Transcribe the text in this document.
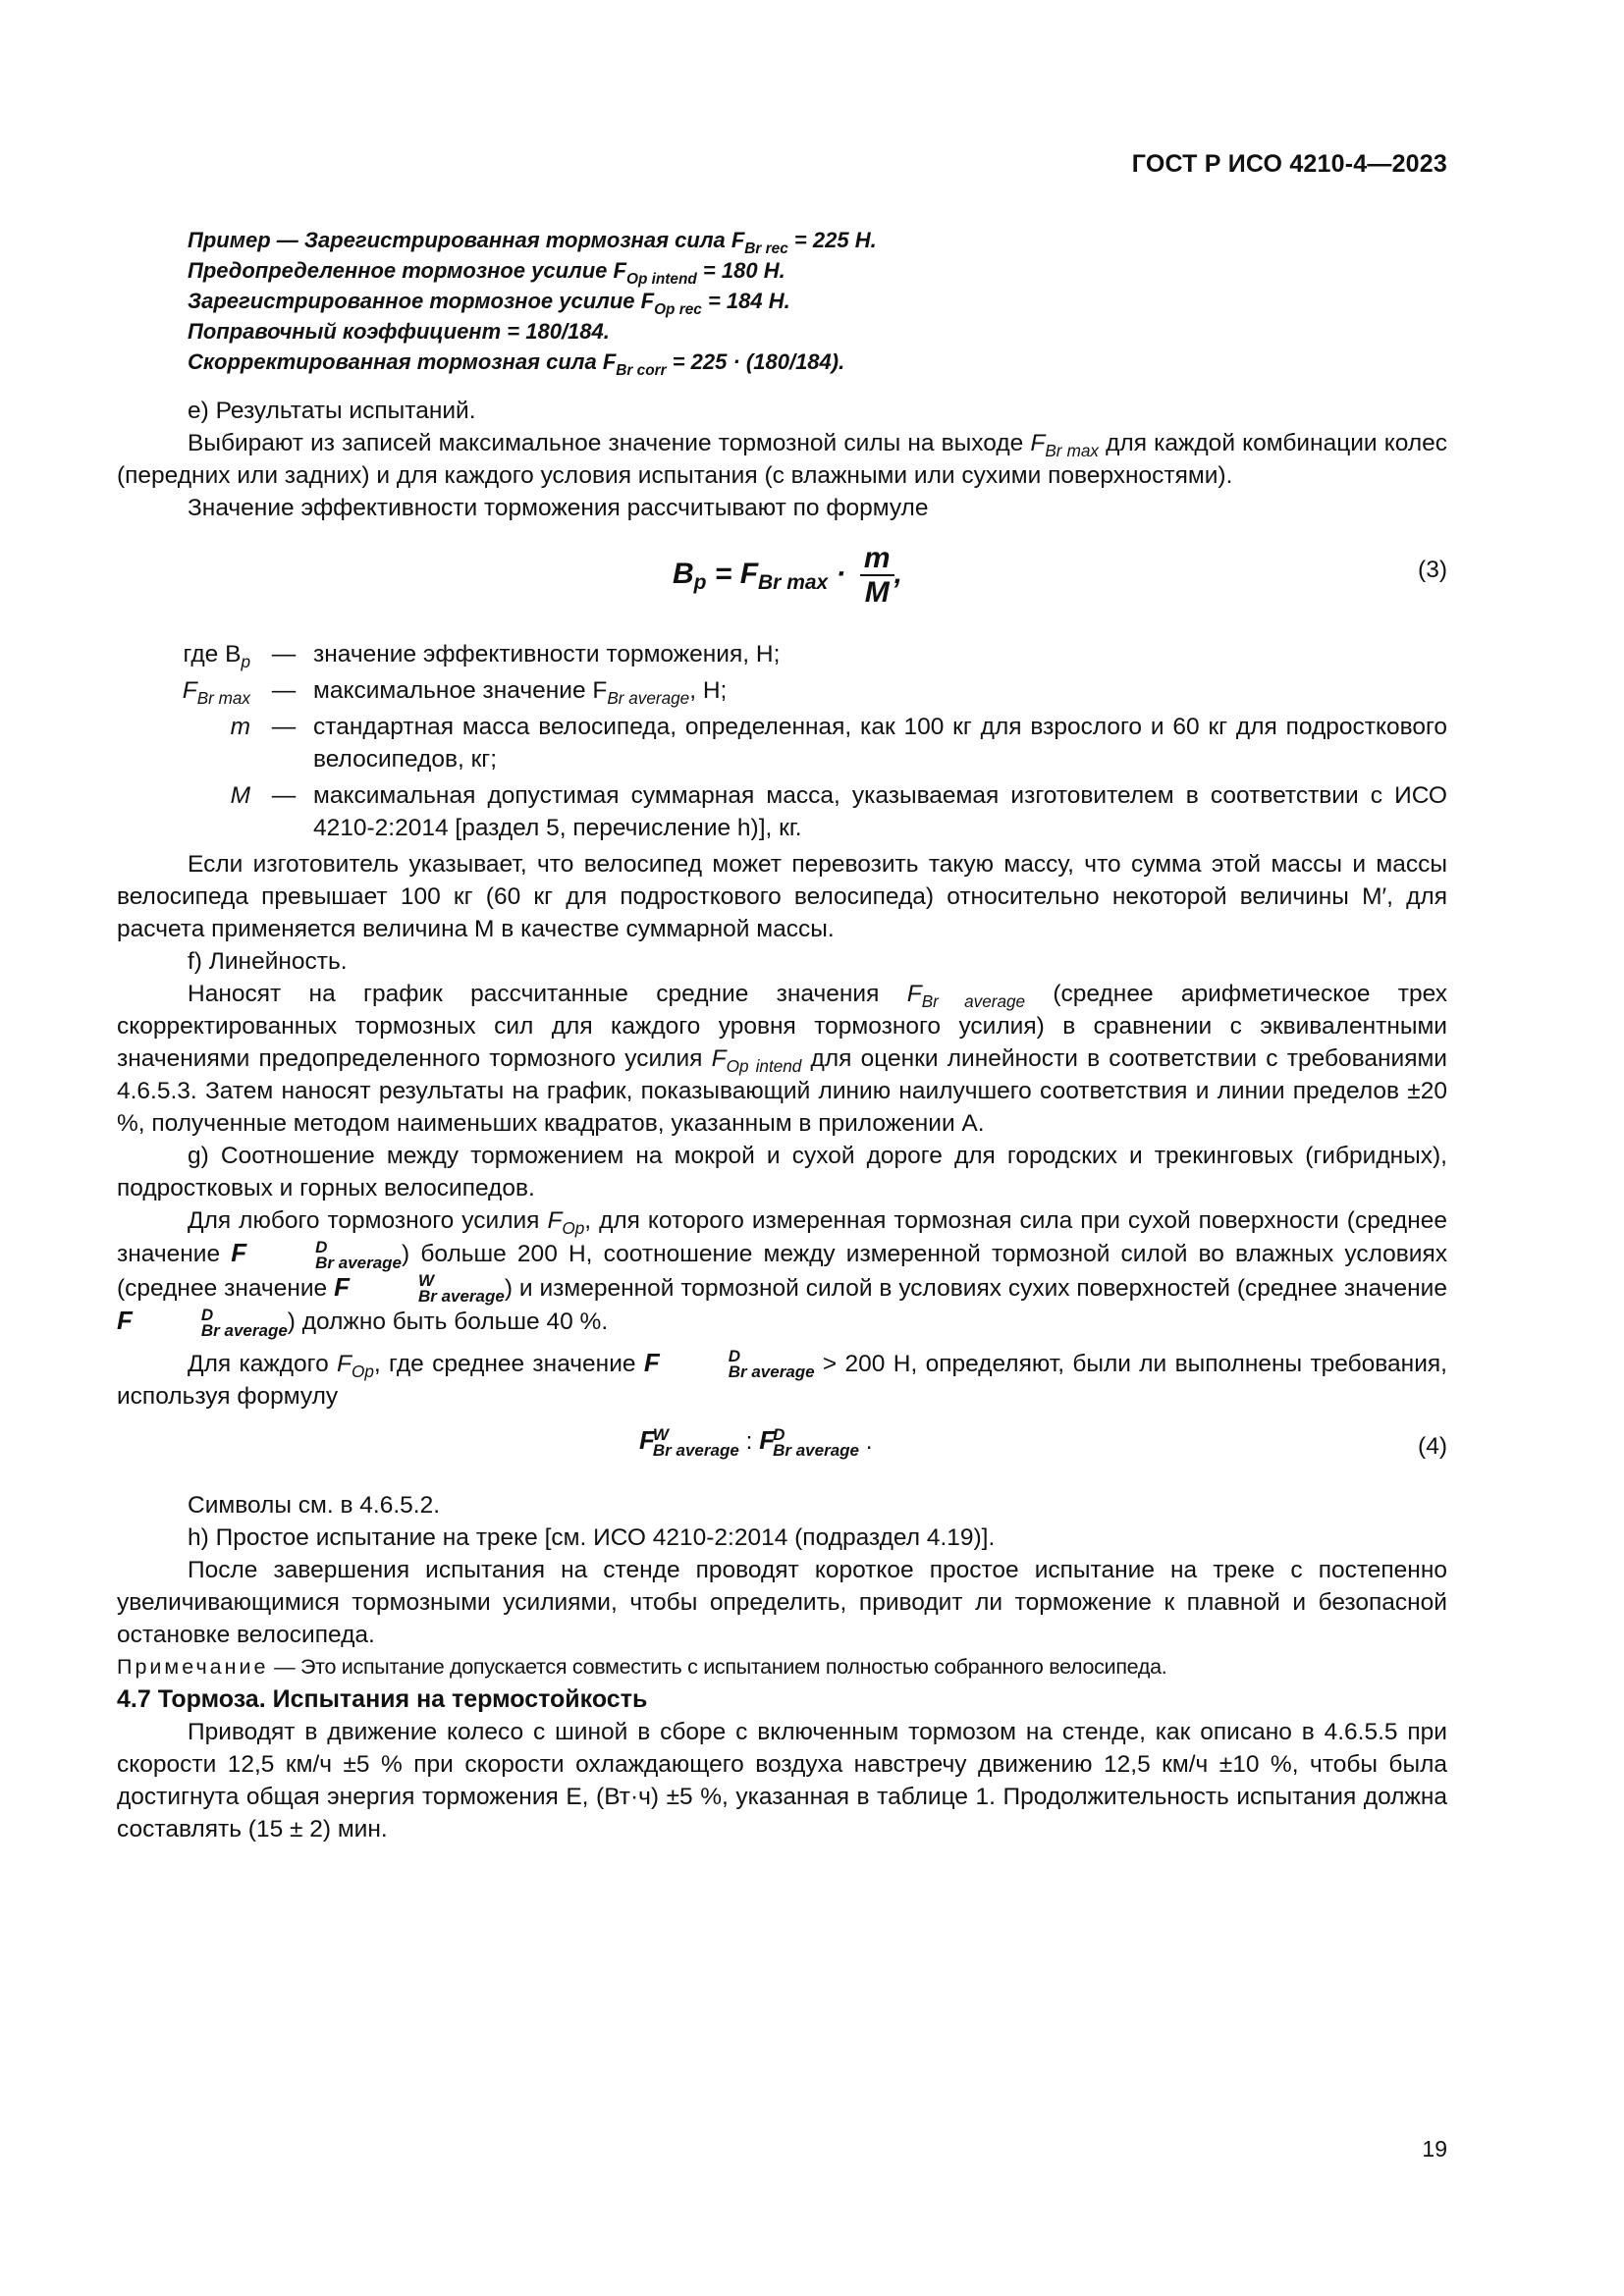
ГОСТ Р ИСО 4210-4—2023
Пример — Зарегистрированная тормозная сила $F_{Br rec} = 225$ Н.
Предопределенное тормозное усилие $F_{Op intend} = 180$ Н.
Зарегистрированное тормозное усилие $F_{Op rec} = 184$ Н.
Поправочный коэффициент = 180/184.
Скорректированная тормозная сила $F_{Br corr} = 225 \cdot (180/184)$.

е) Результаты испытаний.

Выбирают из записей максимальное значение тормозной силы на выходе $F_{Br max}$ для каждой комбинации колес (передних или задних) и для каждого условия испытания (с влажными или сухими поверхностями).

Значение эффективности торможения рассчитывают по формуле

$B_p = F_{Br max} \cdot \frac{m}{M}$ ,	(3)
где $B_p$ — значение эффективности торможения, Н;
$F_{Br max}$ — максимальное значение $F_{Br average}$, Н;
m — стандартная масса велосипеда, определенная, как 100 кг для взрослого и 60 кг для подросткового велосипедов, кг;
M — максимальная допустимая суммарная масса, указываемая изготовителем в соответствии с ИСО 4210-2:2014 [раздел 5, перечисление h)], кг.

Если изготовитель указывает, что велосипед может перевозить такую массу, что сумма этой массы и массы велосипеда превышает 100 кг (60 кг для подросткового велосипеда) относительно некоторой величины M′, для расчета применяется величина M в качестве суммарной массы.

f) Линейность.

Наносят на график рассчитанные средние значения $F_{Br average}$ (среднее арифметическое трех скорректированных тормозных сил для каждого уровня тормозного усилия) в сравнении с эквивалентными значениями предопределенного тормозного усилия $F_{Op intend}$ для оценки линейности в соответствии с требованиями 4.6.5.3. Затем наносят результаты на график, показывающий линию наилучшего соответствия и линии пределов ±20 %, полученные методом наименьших квадратов, указанным в приложении А.

g) Соотношение между торможением на мокрой и сухой дороге для городских и трекинговых (гибридных), подростковых и горных велосипедов.

Для любого тормозного усилия $F_{Op}$, для которого измеренная тормозная сила при сухой поверхности (среднее значение F	D
Br average ) больше 200 Н, соотношение между измеренной тормозной силой во влажных условиях (среднее значение F	W
Br average ) и измеренной тормозной силой в условиях сухих поверхностей (среднее значение F	D
Br average ) должно быть больше 40 %.

Для каждого $F_{Op}$, где среднее значение F	D
Br average > 200 Н, определяют, были ли выполнены требования, используя формулу

F
W
Br average : F
D
Br average .	(4)

Символы см. в 4.6.5.2.

h) Простое испытание на треке [см. ИСО 4210-2:2014 (подраздел 4.19)].

После завершения испытания на стенде проводят короткое простое испытание на треке с постепенно увеличивающимися тормозными усилиями, чтобы определить, приводит ли торможение к плавной и безопасной остановке велосипеда.

Примечание — Это испытание допускается совместить с испытанием полностью собранного велосипеда.

4.7 Тормоза. Испытания на термостойкость

Приводят в движение колесо с шиной в сборе с включенным тормозом на стенде, как описано в 4.6.5.5 при скорости 12,5 км/ч ±5 % при скорости охлаждающего воздуха навстречу движению 12,5 км/ч ±10 %, чтобы была достигнута общая энергия торможения E, (Вт·ч) ±5 %, указанная в таблице 1. Продолжительность испытания должна составлять (15 ± 2) мин.

19
